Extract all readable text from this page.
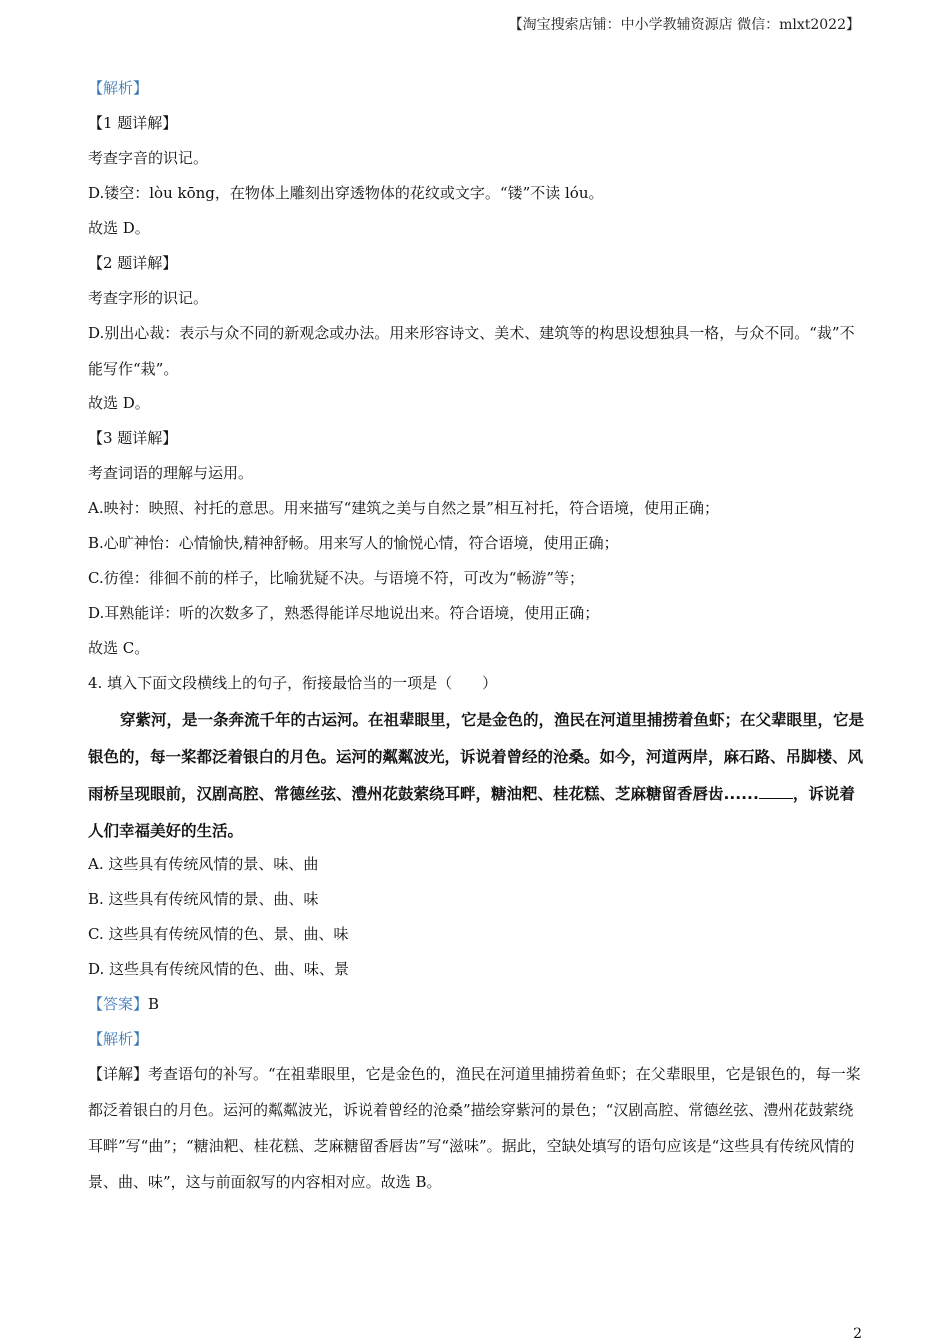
【淘宝搜索店铺：中小学教辅资源店 微信：mlxt2022】
【解析】
【1 题详解】
考查字音的识记。
D.镂空：lòu kōng，在物体上雕刻出穿透物体的花纹或文字。“镂”不读 lóu。
故选 D。
【2 题详解】
考查字形的识记。
D.别出心裁：表示与众不同的新观念或办法。用来形容诗文、美术、建筑等的构思设想独具一格，与众不同。“裁”不能写作“栽”。
故选 D。
【3 题详解】
考查词语的理解与运用。
A.映衬：映照、衬托的意思。用来描写“建筑之美与自然之景”相互衬托，符合语境，使用正确；
B.心旷神怡：心情愉快,精神舒畅。用来写人的愉悦心情，符合语境，使用正确；
C.彷徨：徘徊不前的样子，比喻犹疑不决。与语境不符，可改为“畅游”等；
D.耳熟能详：听的次数多了，熟悉得能详尽地说出来。符合语境，使用正确；
故选 C。
4. 填入下面文段横线上的句子，衔接最恰当的一项是（　　）
穿紫河，是一条奔流千年的古运河。在祖辈眼里，它是金色的，渔民在河道里捕捞着鱼虾；在父辈眼里，它是银色的，每一桨都泛着银白的月色。运河的粼粼波光，诉说着曾经的沧桑。如今，河道两岸，麻石路、吊脚楼、风雨桥呈现眼前，汉剧高腔、常德丝弦、澧州花鼓萦绕耳畔，糖油粑、桂花糕、芝麻糖留香唇齿...... ，诉说着人们幸福美好的生活。
A. 这些具有传统风情的景、味、曲
B. 这些具有传统风情的景、曲、味
C. 这些具有传统风情的色、景、曲、味
D. 这些具有传统风情的色、曲、味、景
【答案】B
【解析】
【详解】考查语句的补写。“在祖辈眼里，它是金色的，渔民在河道里捕捞着鱼虾；在父辈眼里，它是银色的，每一桨都泛着银白的月色。运河的粼粼波光，诉说着曾经的沧桑”描绘穿紫河的景色；“汉剧高腔、常德丝弦、澧州花鼓萦绕耳畔”写“曲”；“糖油粑、桂花糕、芝麻糖留香唇齿”写“滋味”。据此，空缺处填写的语句应该是“这些具有传统风情的景、曲、味”，这与前面叙写的内容相对应。故选 B。
2
